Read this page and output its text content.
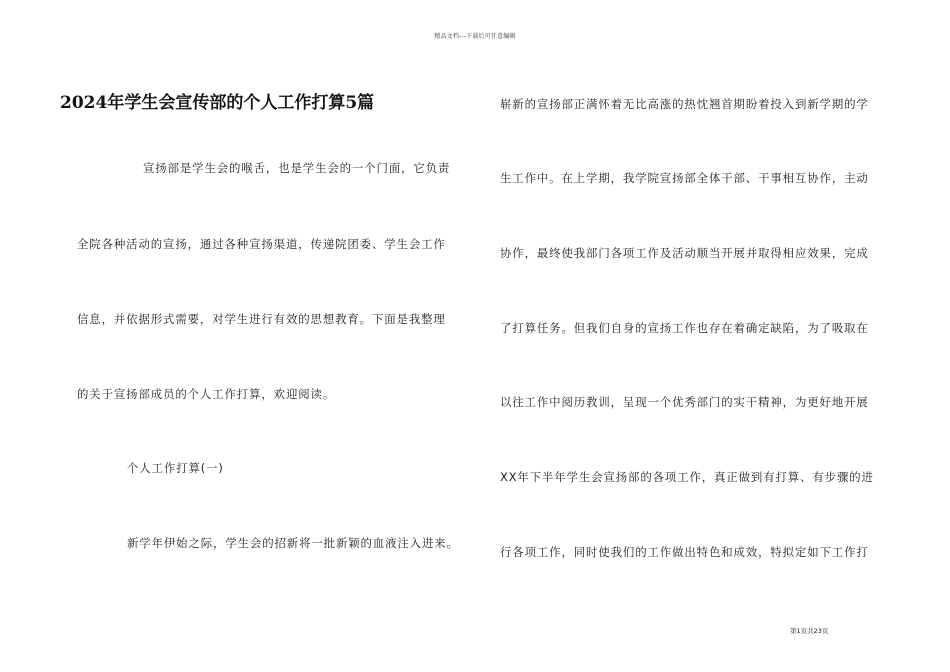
精品文档---下载后可任意编辑
2024年学生会宣传部的个人工作打算5篇
宣扬部是学生会的喉舌，也是学生会的一个门面，它负责
全院各种活动的宣扬，通过各种宣扬渠道，传递院团委、学生会工作
信息，并依据形式需要，对学生进行有效的思想教育。下面是我整理
的关于宣扬部成员的个人工作打算，欢迎阅读。
个人工作打算(一)
新学年伊始之际，学生会的招新将一批新颖的血液注入进来。
崭新的宣扬部正满怀着无比高涨的热忱翘首期盼着投入到新学期的学
生工作中。在上学期，我学院宣扬部全体干部、干事相互协作，主动
协作，最终使我部门各项工作及活动顺当开展并取得相应效果，完成
了打算任务。但我们自身的宣扬工作也存在着确定缺陷，为了吸取在
以往工作中阅历教训，呈现一个优秀部门的实干精神，为更好地开展
XX年下半年学生会宣扬部的各项工作，真正做到有打算、有步骤的进
行各项工作，同时使我们的工作做出特色和成效，特拟定如下工作打
第1页共23页
